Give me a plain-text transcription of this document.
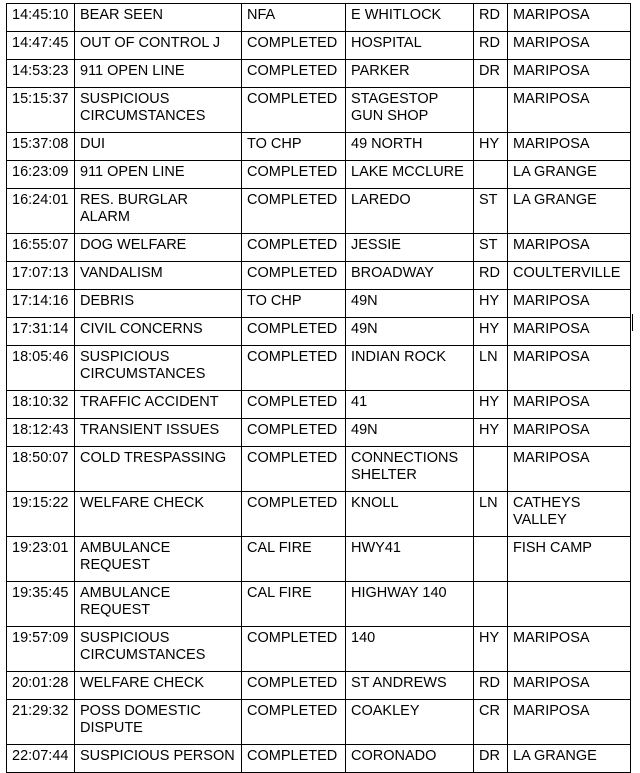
14:45:10	BEAR SEEN	NFA	E WHITLOCK	RD	MARIPOSA
14:47:45	OUT OF CONTROL J	COMPLETED	HOSPITAL	RD	MARIPOSA
14:53:23	911 OPEN LINE	COMPLETED	PARKER	DR	MARIPOSA
15:15:37	SUSPICIOUS CIRCUMSTANCES	COMPLETED	STAGESTOP GUN SHOP		MARIPOSA
15:37:08	DUI	TO CHP	49 NORTH	HY	MARIPOSA
16:23:09	911 OPEN LINE	COMPLETED	LAKE MCCLURE		LA GRANGE
16:24:01	RES. BURGLAR ALARM	COMPLETED	LAREDO	ST	LA GRANGE
16:55:07	DOG WELFARE	COMPLETED	JESSIE	ST	MARIPOSA
17:07:13	VANDALISM	COMPLETED	BROADWAY	RD	COULTERVILLE
17:14:16	DEBRIS	TO CHP	49N	HY	MARIPOSA
17:31:14	CIVIL CONCERNS	COMPLETED	49N	HY	MARIPOSA
18:05:46	SUSPICIOUS CIRCUMSTANCES	COMPLETED	INDIAN ROCK	LN	MARIPOSA
18:10:32	TRAFFIC ACCIDENT	COMPLETED	41	HY	MARIPOSA
18:12:43	TRANSIENT ISSUES	COMPLETED	49N	HY	MARIPOSA
18:50:07	COLD TRESPASSING	COMPLETED	CONNECTIONS SHELTER		MARIPOSA
19:15:22	WELFARE CHECK	COMPLETED	KNOLL	LN	CATHEYS VALLEY
19:23:01	AMBULANCE REQUEST	CAL FIRE	HWY41		FISH CAMP
19:35:45	AMBULANCE REQUEST	CAL FIRE	HIGHWAY 140		
19:57:09	SUSPICIOUS CIRCUMSTANCES	COMPLETED	140	HY	MARIPOSA
20:01:28	WELFARE CHECK	COMPLETED	ST ANDREWS	RD	MARIPOSA
21:29:32	POSS DOMESTIC DISPUTE	COMPLETED	COAKLEY	CR	MARIPOSA
22:07:44	SUSPICIOUS PERSON	COMPLETED	CORONADO	DR	LA GRANGE
